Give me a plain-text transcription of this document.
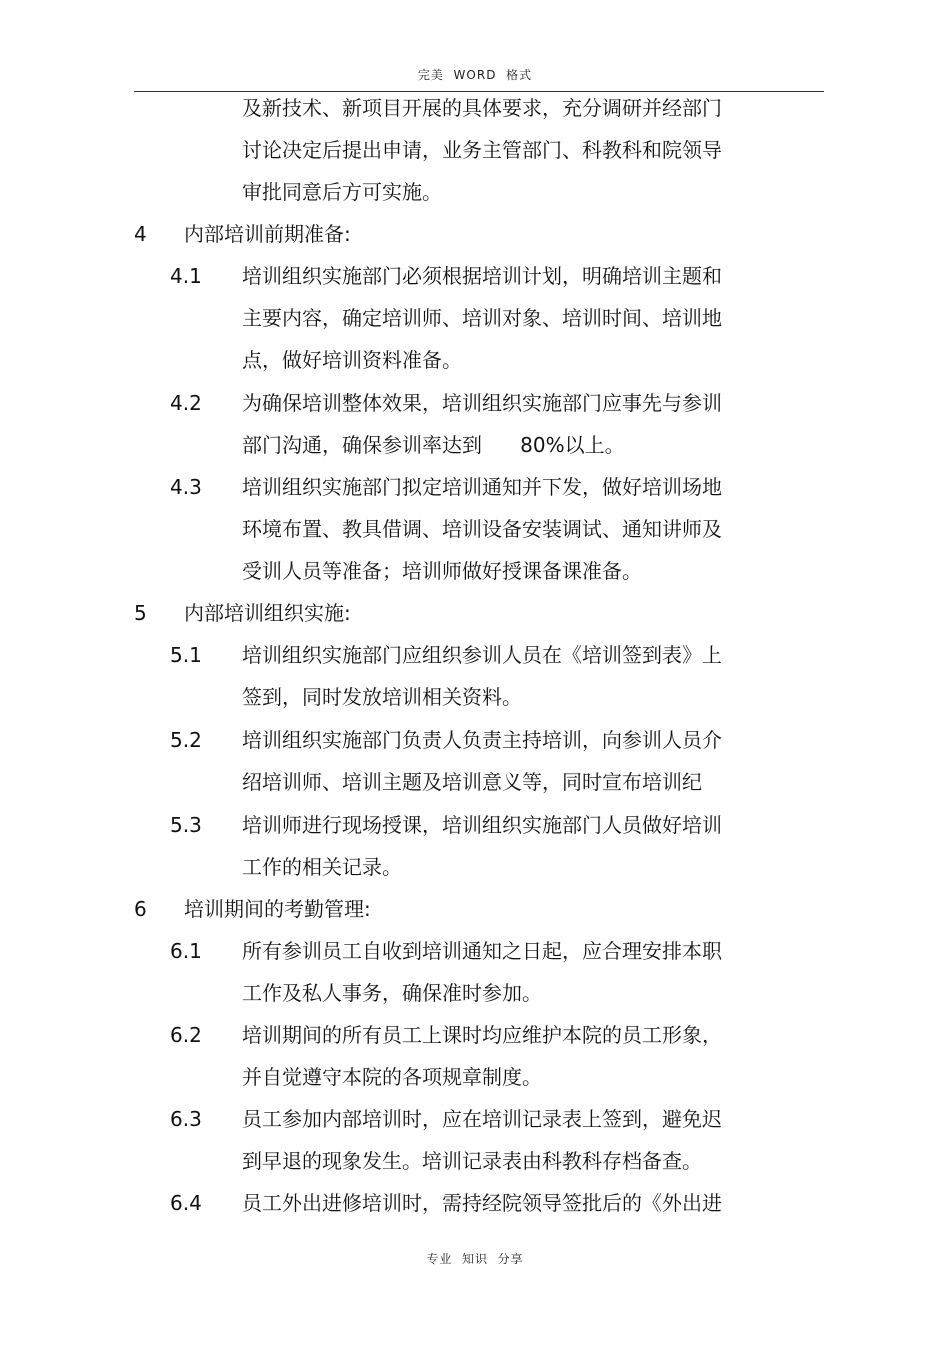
完美  WORD  格式
及新技术、新项目开展的具体要求，充分调研并经部门
讨论决定后提出申请，业务主管部门、科教科和院领导
审批同意后方可实施。
4 内部培训前期准备:
4.1 培训组织实施部门必须根据培训计划，明确培训主题和
主要内容，确定培训师、培训对象、培训时间、培训地
点，做好培训资料准备。
4.2 为确保培训整体效果，培训组织实施部门应事先与参训
部门沟通，确保参训率达到      80%以上。
4.3 培训组织实施部门拟定培训通知并下发，做好培训场地
环境布置、教具借调、培训设备安装调试、通知讲师及
受训人员等准备；培训师做好授课备课准备。
5 内部培训组织实施:
5.1 培训组织实施部门应组织参训人员在《培训签到表》上
签到，同时发放培训相关资料。
5.2 培训组织实施部门负责人负责主持培训，向参训人员介
绍培训师、培训主题及培训意义等，同时宣布培训纪
5.3 培训师进行现场授课，培训组织实施部门人员做好培训
工作的相关记录。
6 培训期间的考勤管理:
6.1 所有参训员工自收到培训通知之日起，应合理安排本职
工作及私人事务，确保准时参加。
6.2 培训期间的所有员工上课时均应维护本院的员工形象，
并自觉遵守本院的各项规章制度。
6.3 员工参加内部培训时，应在培训记录表上签到，避免迟
到早退的现象发生。培训记录表由科教科存档备查。
6.4 员工外出进修培训时，需持经院领导签批后的《外出进
专业  知识  分享
